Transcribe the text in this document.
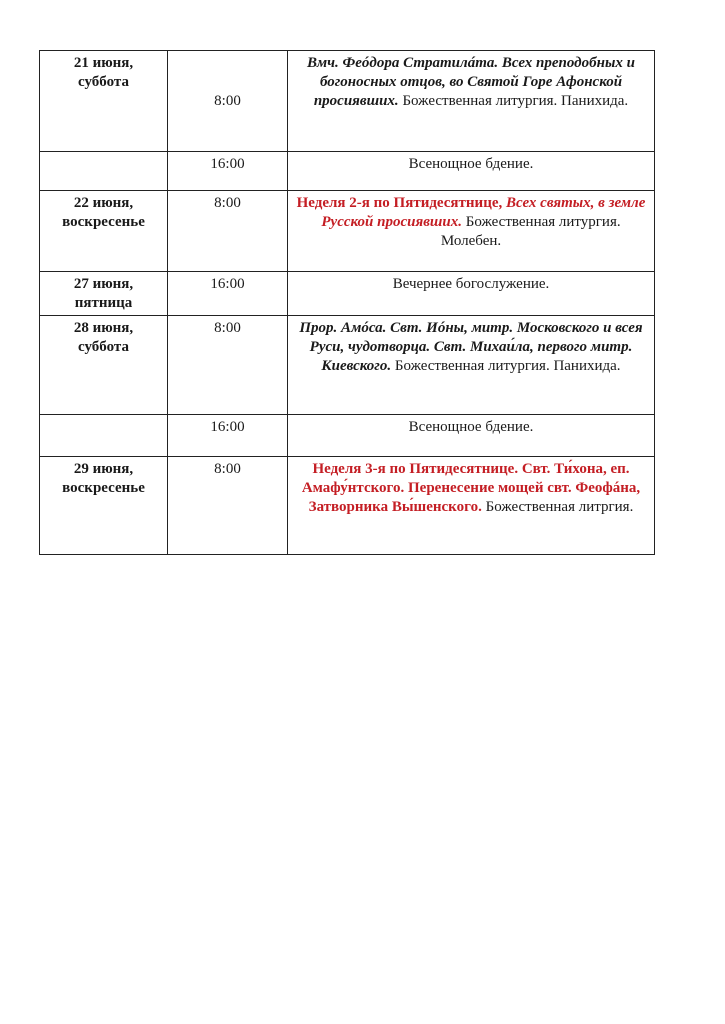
21 июня,
суббота	8:00	Вмч. Феóдора Стратилáта. Всех преподобных и богоносных отцов, во Святой Горе Афонской просиявших. Божественная литургия. Панихида.

	16:00	Всенощное бдение.

22 июня,
воскресенье	8:00	Неделя 2-я по Пятидесятнице, Всех святых, в земле Русской просиявших. Божественная литургия. Молебен.

27 июня,
пятница	16:00	Вечернее богослужение.

28 июня,
суббота	8:00	Прор. Амóса. Свт. Иóны, митр. Московского и всея Руси, чудотворца. Свт. Михаи́ла, первого митр. Киевского. Божественная литургия. Панихида.

	16:00	Всенощное бдение.

29 июня,
воскресенье	8:00	Неделя 3-я по Пятидесятнице. Свт. Ти́хона, еп. Амафу́нтского. Перенесение мощей свт. Феофáна, Затворника Вы́шенского. Божественная литргия.
